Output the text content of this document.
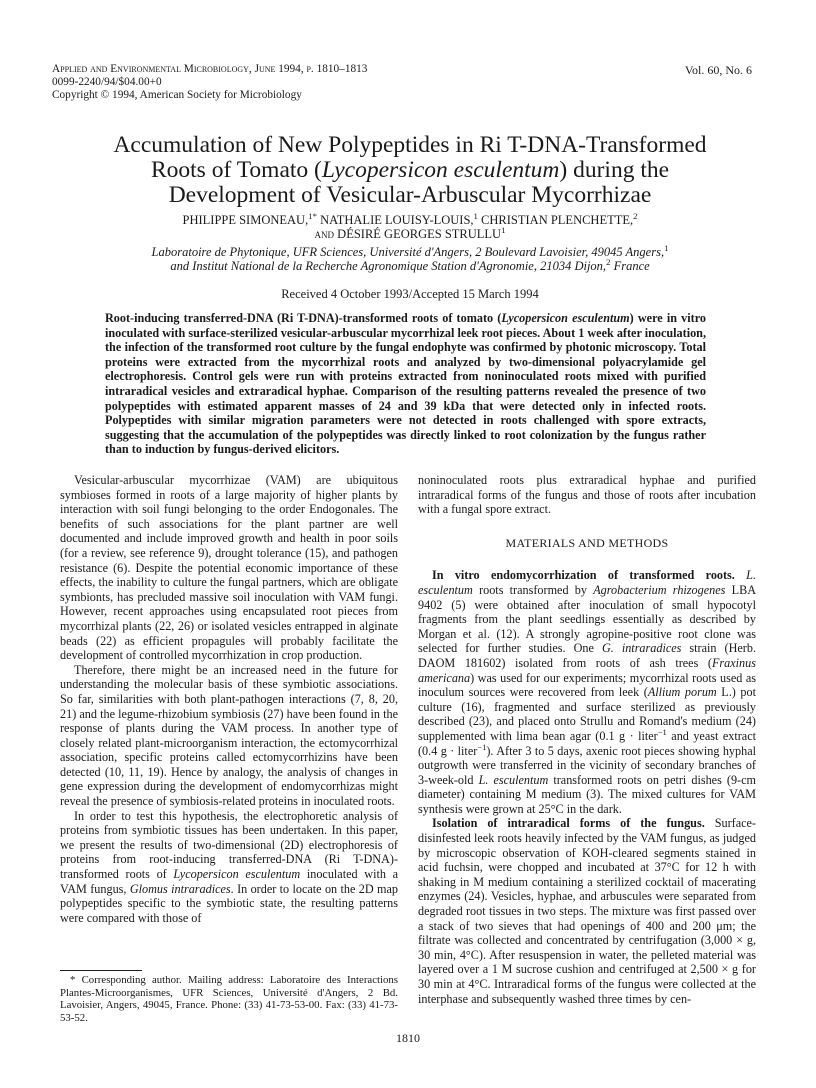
Applied and Environmental Microbiology, June 1994, p. 1810–1813
0099-2240/94/$04.00+0
Copyright © 1994, American Society for Microbiology
Vol. 60, No. 6
Accumulation of New Polypeptides in Ri T-DNA-Transformed
Roots of Tomato (Lycopersicon esculentum) during the
Development of Vesicular-Arbuscular Mycorrhizae
PHILIPPE SIMONEAU,$^{1*}$ NATHALIE LOUISY-LOUIS,$^1$ CHRISTIAN PLENCHETTE,$^2$
and DÉSIRÉ GEORGES STRULLU$^1$
Laboratoire de Phytonique, UFR Sciences, Université d'Angers, 2 Boulevard Lavoisier, 49045 Angers,$^1$
and Institut National de la Recherche Agronomique Station d'Agronomie, 21034 Dijon,$^2$ France
Received 4 October 1993/Accepted 15 March 1994
Root-inducing transferred-DNA (Ri T-DNA)-transformed roots of tomato (Lycopersicon esculentum) were in vitro inoculated with surface-sterilized vesicular-arbuscular mycorrhizal leek root pieces. About 1 week after inoculation, the infection of the transformed root culture by the fungal endophyte was confirmed by photonic microscopy. Total proteins were extracted from the mycorrhizal roots and analyzed by two-dimensional polyacrylamide gel electrophoresis. Control gels were run with proteins extracted from noninoculated roots mixed with purified intraradical vesicles and extraradical hyphae. Comparison of the resulting patterns revealed the presence of two polypeptides with estimated apparent masses of 24 and 39 kDa that were detected only in infected roots. Polypeptides with similar migration parameters were not detected in roots challenged with spore extracts, suggesting that the accumulation of the polypeptides was directly linked to root colonization by the fungus rather than to induction by fungus-derived elicitors.

Vesicular-arbuscular mycorrhizae (VAM) are ubiquitous symbioses formed in roots of a large majority of higher plants by interaction with soil fungi belonging to the order Endogonales. The benefits of such associations for the plant partner are well documented and include improved growth and health in poor soils (for a review, see reference 9), drought tolerance (15), and pathogen resistance (6). Despite the potential economic importance of these effects, the inability to culture the fungal partners, which are obligate symbionts, has precluded massive soil inoculation with VAM fungi. However, recent approaches using encapsulated root pieces from mycorrhizal plants (22, 26) or isolated vesicles entrapped in alginate beads (22) as efficient propagules will probably facilitate the development of controlled mycorrhization in crop production.

Therefore, there might be an increased need in the future for understanding the molecular basis of these symbiotic associations. So far, similarities with both plant-pathogen interactions (7, 8, 20, 21) and the legume-rhizobium symbiosis (27) have been found in the response of plants during the VAM process. In another type of closely related plant-microorganism interaction, the ectomycorrhizal association, specific proteins called ectomycorrhizins have been detected (10, 11, 19). Hence by analogy, the analysis of changes in gene expression during the development of endomycorrhizas might reveal the presence of symbiosis-related proteins in inoculated roots.

In order to test this hypothesis, the electrophoretic analysis of proteins from symbiotic tissues has been undertaken. In this paper, we present the results of two-dimensional (2D) electrophoresis of proteins from root-inducing transferred-DNA (Ri T-DNA)-transformed roots of Lycopersicon esculentum inoculated with a VAM fungus, Glomus intraradices. In order to locate on the 2D map polypeptides specific to the symbiotic state, the resulting patterns were compared with those of

noninoculated roots plus extraradical hyphae and purified intraradical forms of the fungus and those of roots after incubation with a fungal spore extract.

MATERIALS AND METHODS

In vitro endomycorrhization of transformed roots. L. esculentum roots transformed by Agrobacterium rhizogenes LBA 9402 (5) were obtained after inoculation of small hypocotyl fragments from the plant seedlings essentially as described by Morgan et al. (12). A strongly agropine-positive root clone was selected for further studies. One G. intraradices strain (Herb. DAOM 181602) isolated from roots of ash trees (Fraxinus americana) was used for our experiments; mycorrhizal roots used as inoculum sources were recovered from leek (Allium porum L.) pot culture (16), fragmented and surface sterilized as previously described (23), and placed onto Strullu and Romand's medium (24) supplemented with lima bean agar (0.1 g · liter$^{-1}$ and yeast extract (0.4 g · liter$^{-1}$). After 3 to 5 days, axenic root pieces showing hyphal outgrowth were transferred in the vicinity of secondary branches of 3-week-old L. esculentum transformed roots on petri dishes (9-cm diameter) containing M medium (3). The mixed cultures for VAM synthesis were grown at 25°C in the dark.

Isolation of intraradical forms of the fungus. Surface-disinfested leek roots heavily infected by the VAM fungus, as judged by microscopic observation of KOH-cleared segments stained in acid fuchsin, were chopped and incubated at 37°C for 12 h with shaking in M medium containing a sterilized cocktail of macerating enzymes (24). Vesicles, hyphae, and arbuscules were separated from degraded root tissues in two steps. The mixture was first passed over a stack of two sieves that had openings of 400 and 200 μm; the filtrate was collected and concentrated by centrifugation (3,000 × g, 30 min, 4°C). After resuspension in water, the pelleted material was layered over a 1 M sucrose cushion and centrifuged at 2,500 × g for 30 min at 4°C. Intraradical forms of the fungus were collected at the interphase and subsequently washed three times by cen-

* Corresponding author. Mailing address: Laboratoire des Interactions Plantes-Microorganismes, UFR Sciences, Université d'Angers, 2 Bd. Lavoisier, Angers, 49045, France. Phone: (33) 41-73-53-00. Fax: (33) 41-73-53-52.
1810
